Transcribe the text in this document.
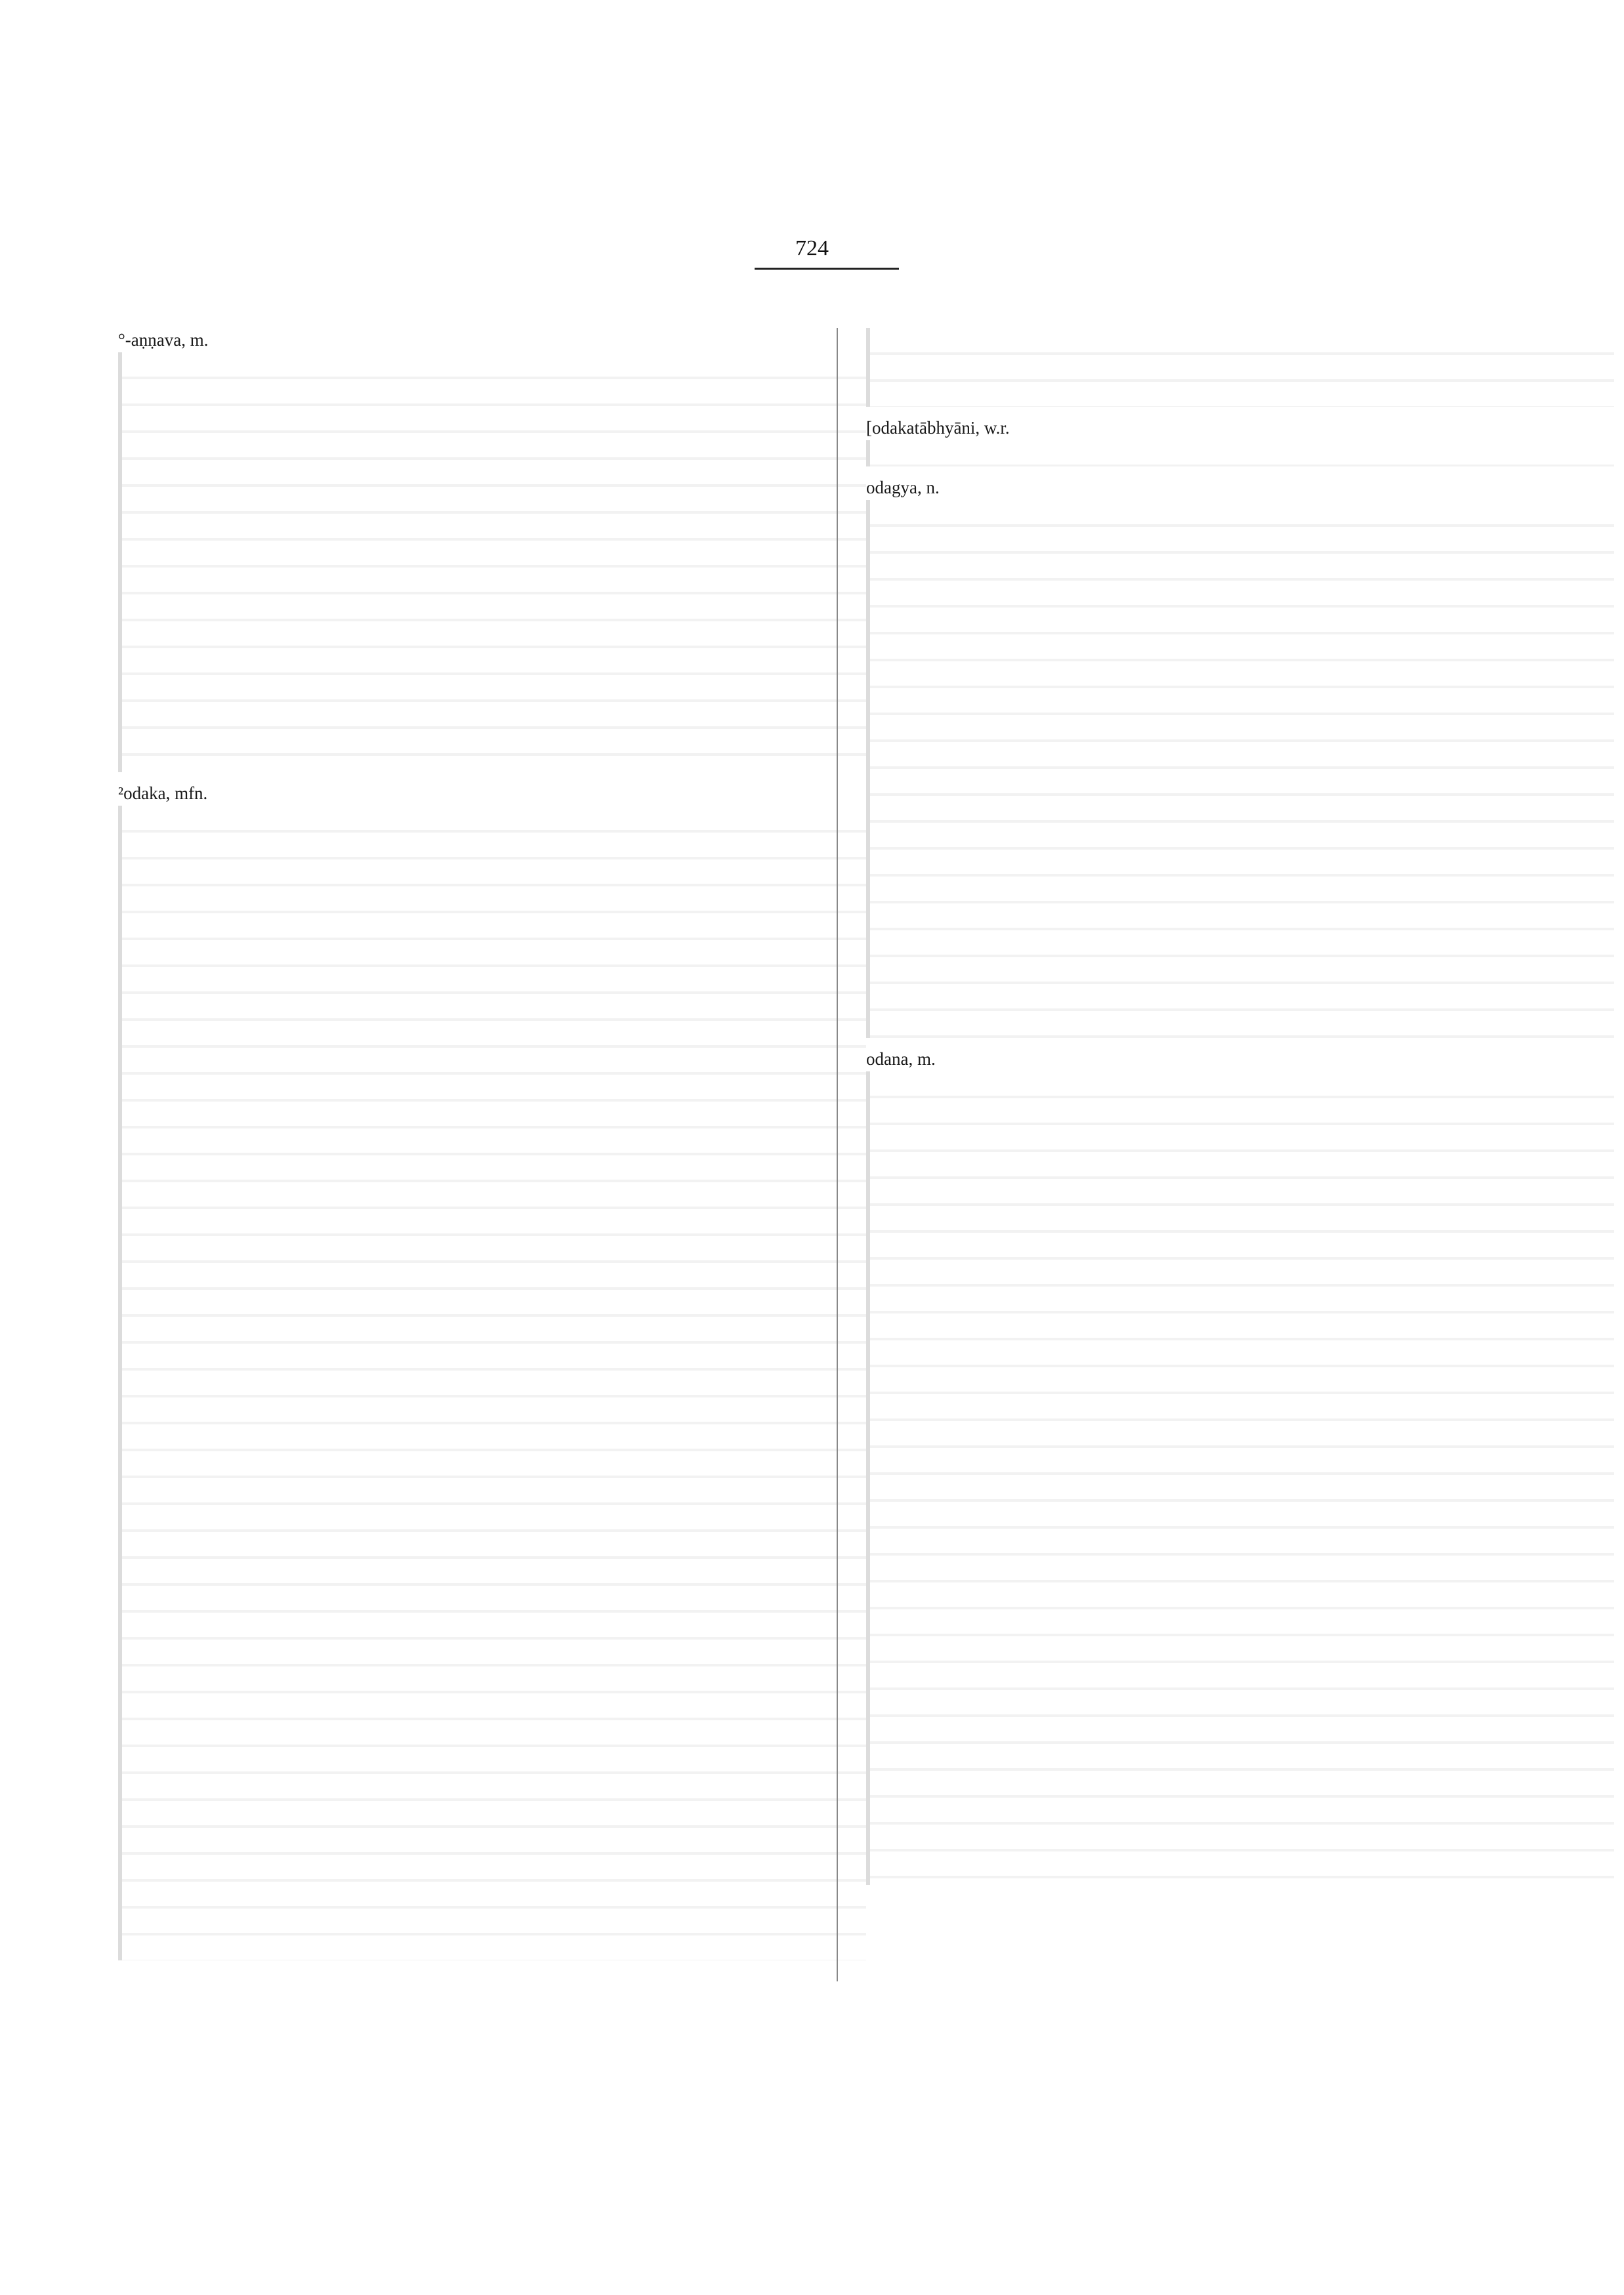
724

°-aṇṇava, m.

²odaka, mfn.

[odakatābhyāni, w.r.

odagya, n.

odana, m.
